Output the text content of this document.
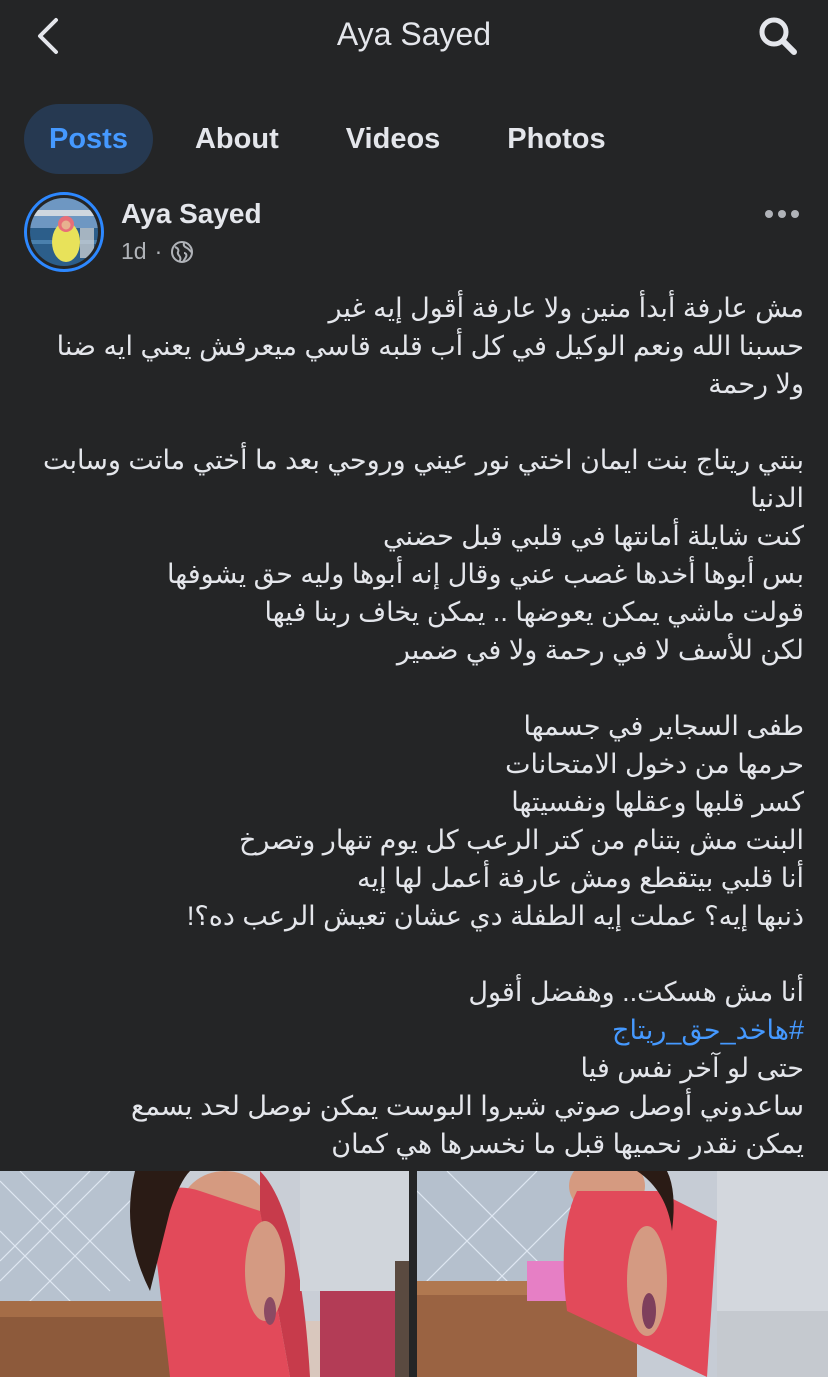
Aya Sayed
Posts	About	Videos	Photos
Aya Sayed
1d ·
مش عارفة أبدأ منين ولا عارفة أقول إيه غير
حسبنا الله ونعم الوكيل في كل أب قلبه قاسي ميعرفش يعني ايه ضنا ولا رحمة
بنتي ريتاج بنت ايمان اختي نور عيني وروحي بعد ما أختي ماتت وسابت الدنيا
كنت شايلة أمانتها في قلبي قبل حضني
بس أبوها أخدها غصب عني وقال إنه أبوها وليه حق يشوفها
قولت ماشي يمكن يعوضها .. يمكن يخاف ربنا فيها
لكن للأسف لا في رحمة ولا في ضمير
طفى السجاير في جسمها
حرمها من دخول الامتحانات
كسر قلبها وعقلها ونفسيتها
البنت مش بتنام من كتر الرعب كل يوم تنهار وتصرخ
أنا قلبي بيتقطع ومش عارفة أعمل لها إيه
ذنبها إيه؟ عملت إيه الطفلة دي عشان تعيش الرعب ده؟!
أنا مش هسكت.. وهفضل أقول
#هاخد_حق_ريتاج
حتى لو آخر نفس فيا
ساعدوني أوصل صوتي شيروا البوست يمكن نوصل لحد يسمع
يمكن نقدر نحميها قبل ما نخسرها هي كمان
